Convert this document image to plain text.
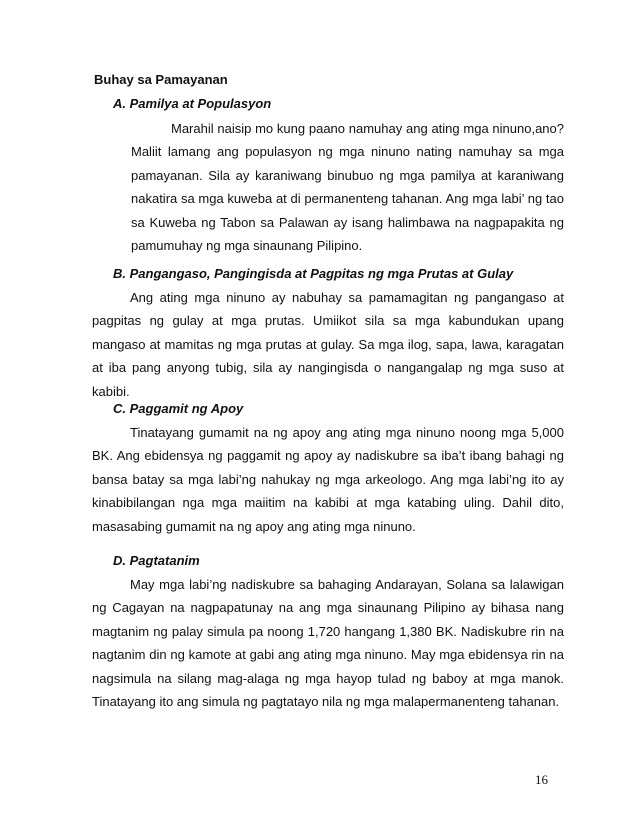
Buhay sa Pamayanan
A. Pamilya at Populasyon
Marahil naisip mo kung paano namuhay ang ating mga ninuno,ano?Maliit lamang ang populasyon ng mga ninuno nating namuhay sa mga pamayanan. Sila ay karaniwang binubuo ng mga pamilya at karaniwang nakatira sa mga kuweba at di permanenteng tahanan. Ang mga labi’ ng tao sa Kuweba ng Tabon sa Palawan ay isang halimbawa na nagpapakita ng pamumuhay ng mga sinaunang Pilipino.
B. Pangangaso, Pangingisda at Pagpitas ng mga Prutas at Gulay
Ang ating mga ninuno ay nabuhay sa pamamagitan ng pangangaso at pagpitas ng gulay at mga prutas. Umiikot sila sa mga kabundukan upang mangaso at mamitas ng mga prutas at gulay. Sa mga ilog, sapa, lawa, karagatan at iba pang anyong tubig, sila ay nangingisda o nangangalap ng mga suso at kabibi.
C. Paggamit ng Apoy
Tinatayang gumamit na ng apoy ang ating mga ninuno noong mga 5,000 BK. Ang ebidensya ng paggamit ng apoy ay nadiskubre sa iba’t ibang bahagi ng bansa batay sa mga labi’ng nahukay ng mga arkeologo. Ang mga labi’ng ito ay kinabibilangan nga mga maiitim na kabibi at mga katabing uling. Dahil dito, masasabing gumamit na ng apoy ang ating mga ninuno.
D. Pagtatanim
May mga labi’ng nadiskubre sa bahaging Andarayan, Solana sa lalawigan ng Cagayan na nagpapatunay na ang mga sinaunang Pilipino ay bihasa nang magtanim ng palay simula pa noong 1,720 hangang 1,380 BK. Nadiskubre rin na nagtanim din ng kamote at gabi ang ating mga ninuno. May mga ebidensya rin na nagsimula na silang mag-alaga ng mga hayop tulad ng baboy at mga manok. Tinatayang ito ang simula ng pagtatayo nila ng mga malapermanenteng tahanan.
16
